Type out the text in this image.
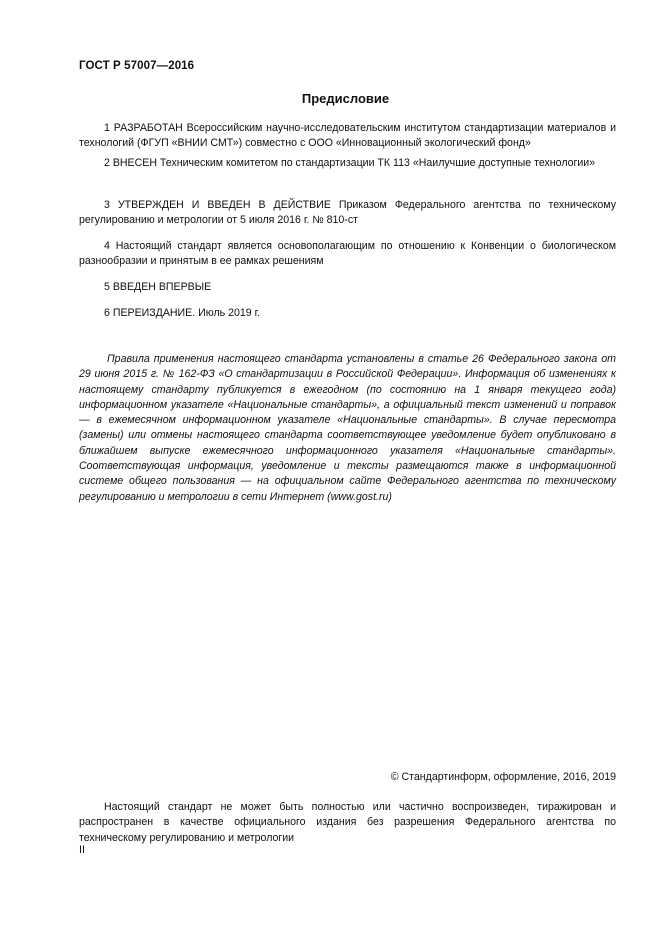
ГОСТ Р 57007—2016
Предисловие

1 РАЗРАБОТАН Всероссийским научно-исследовательским институтом стандартизации материалов и технологий (ФГУП «ВНИИ СМТ») совместно с ООО «Инновационный экологический фонд»

2 ВНЕСЕН Техническим комитетом по стандартизации ТК 113 «Наилучшие доступные технологии»

3 УТВЕРЖДЕН И ВВЕДЕН В ДЕЙСТВИЕ Приказом Федерального агентства по техническому регулированию и метрологии от 5 июля 2016 г. № 810-ст

4 Настоящий стандарт является основополагающим по отношению к Конвенции о биологическом разнообразии и принятым в ее рамках решениям

5 ВВЕДЕН ВПЕРВЫЕ

6 ПЕРЕИЗДАНИЕ. Июль 2019 г.

Правила применения настоящего стандарта установлены в статье 26 Федерального закона от 29 июня 2015 г. № 162-ФЗ «О стандартизации в Российской Федерации». Информация об изменениях к настоящему стандарту публикуется в ежегодном (по состоянию на 1 января текущего года) информационном указателе «Национальные стандарты», а официальный текст изменений и поправок — в ежемесячном информационном указателе «Национальные стандарты». В случае пересмотра (замены) или отмены настоящего стандарта соответствующее уведомление будет опубликовано в ближайшем выпуске ежемесячного информационного указателя «Национальные стандарты». Соответствующая информация, уведомление и тексты размещаются также в информационной системе общего пользования — на официальном сайте Федерального агентства по техническому регулированию и метрологии в сети Интернет (www.gost.ru)

© Стандартинформ, оформление, 2016, 2019

Настоящий стандарт не может быть полностью или частично воспроизведен, тиражирован и распространен в качестве официального издания без разрешения Федерального агентства по техническому регулированию и метрологии

II
